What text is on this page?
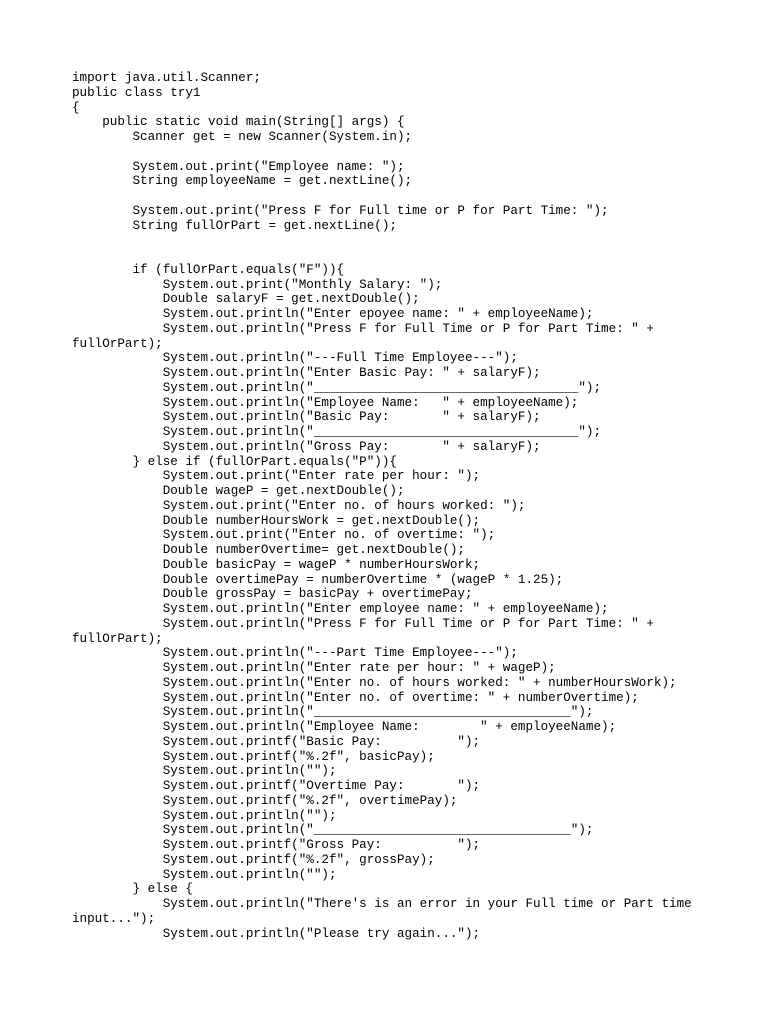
import java.util.Scanner;
public class try1
{
public static void main(String[] args) {
Scanner get = new Scanner(System.in);
System.out.print("Employee name: ");
String employeeName = get.nextLine();
System.out.print("Press F for Full time or P for Part Time: ");
String fullOrPart = get.nextLine();
if (fullOrPart.equals("F")){
System.out.print("Monthly Salary: ");
Double salaryF = get.nextDouble();
System.out.println("Enter epoyee name: " + employeeName);
System.out.println("Press F for Full Time or P for Part Time: " +
fullOrPart);
System.out.println("---Full Time Employee---");
System.out.println("Enter Basic Pay: " + salaryF);
System.out.println("___________________________________");
System.out.println("Employee Name:   " + employeeName);
System.out.println("Basic Pay:       " + salaryF);
System.out.println("___________________________________");
System.out.println("Gross Pay:       " + salaryF);
} else if (fullOrPart.equals("P")){
System.out.print("Enter rate per hour: ");
Double wageP = get.nextDouble();
System.out.print("Enter no. of hours worked: ");
Double numberHoursWork = get.nextDouble();
System.out.print("Enter no. of overtime: ");
Double numberOvertime= get.nextDouble();
Double basicPay = wageP * numberHoursWork;
Double overtimePay = numberOvertime * (wageP * 1.25);
Double grossPay = basicPay + overtimePay;
System.out.println("Enter employee name: " + employeeName);
System.out.println("Press F for Full Time or P for Part Time: " +
fullOrPart);
System.out.println("---Part Time Employee---");
System.out.println("Enter rate per hour: " + wageP);
System.out.println("Enter no. of hours worked: " + numberHoursWork);
System.out.println("Enter no. of overtime: " + numberOvertime);
System.out.println("__________________________________");
System.out.println("Employee Name:        " + employeeName);
System.out.printf("Basic Pay:          ");
System.out.printf("%.2f", basicPay);
System.out.println("");
System.out.printf("Overtime Pay:       ");
System.out.printf("%.2f", overtimePay);
System.out.println("");
System.out.println("__________________________________");
System.out.printf("Gross Pay:          ");
System.out.printf("%.2f", grossPay);
System.out.println("");
} else {
System.out.println("There's is an error in your Full time or Part time
input...");
System.out.println("Please try again...");
